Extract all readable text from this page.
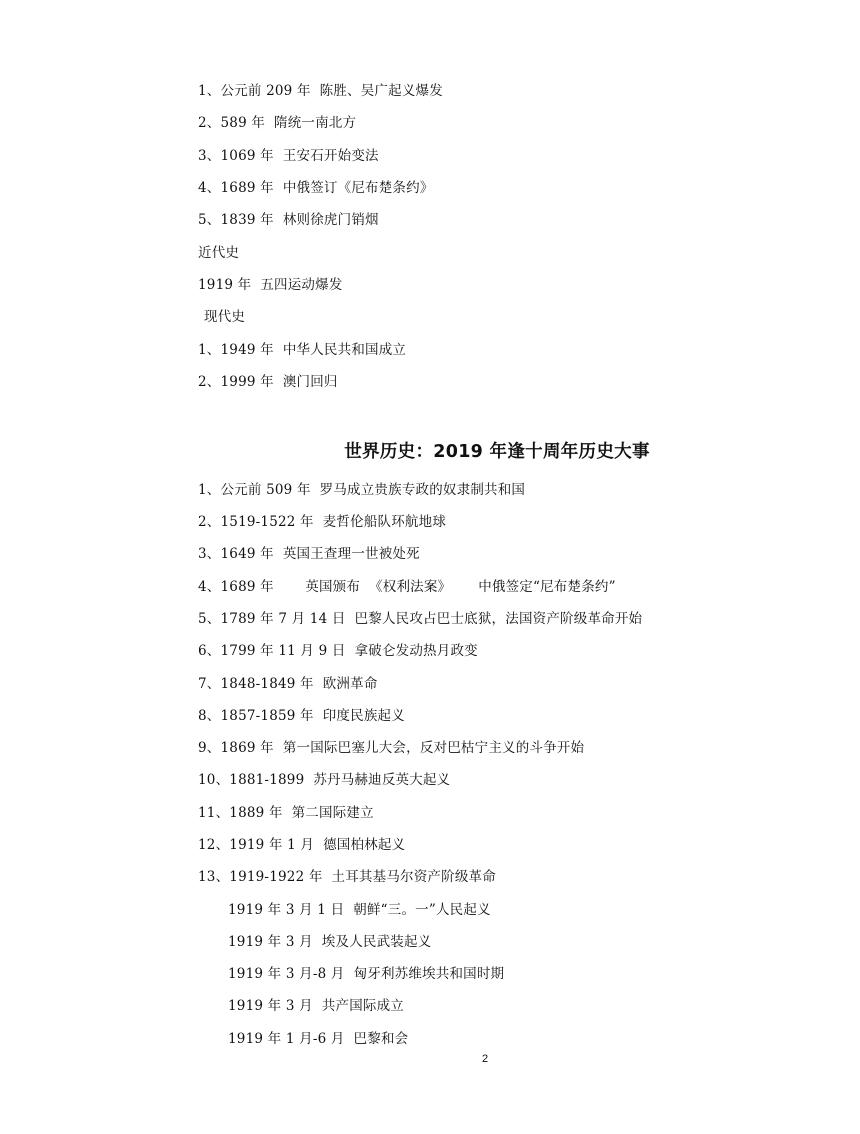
1、公元前 209 年  陈胜、吴广起义爆发
2、589 年  隋统一南北方
3、1069 年  王安石开始变法
4、1689 年  中俄签订《尼布楚条约》
5、1839 年  林则徐虎门销烟
近代史
1919 年  五四运动爆发
现代史
1、1949 年  中华人民共和国成立
2、1999 年  澳门回归
世界历史：2019 年逢十周年历史大事
1、公元前 509 年  罗马成立贵族专政的奴隶制共和国
2、1519-1522 年  麦哲伦船队环航地球
3、1649 年  英国王查理一世被处死
4、1689 年       英国颁布  《权利法案》      中俄签定“尼布楚条约”
5、1789 年 7 月 14 日  巴黎人民攻占巴士底狱，法国资产阶级革命开始
6、1799 年 11 月 9 日  拿破仑发动热月政变
7、1848-1849 年  欧洲革命
8、1857-1859 年  印度民族起义
9、1869 年  第一国际巴塞儿大会，反对巴枯宁主义的斗争开始
10、1881-1899  苏丹马赫迪反英大起义
11、1889 年  第二国际建立
12、1919 年 1 月  德国柏林起义
13、1919-1922 年  土耳其基马尔资产阶级革命
1919 年 3 月 1 日  朝鲜“三。一”人民起义
1919 年 3 月  埃及人民武装起义
1919 年 3 月-8 月  匈牙利苏维埃共和国时期
1919 年 3 月  共产国际成立
1919 年 1 月-6 月  巴黎和会
2
